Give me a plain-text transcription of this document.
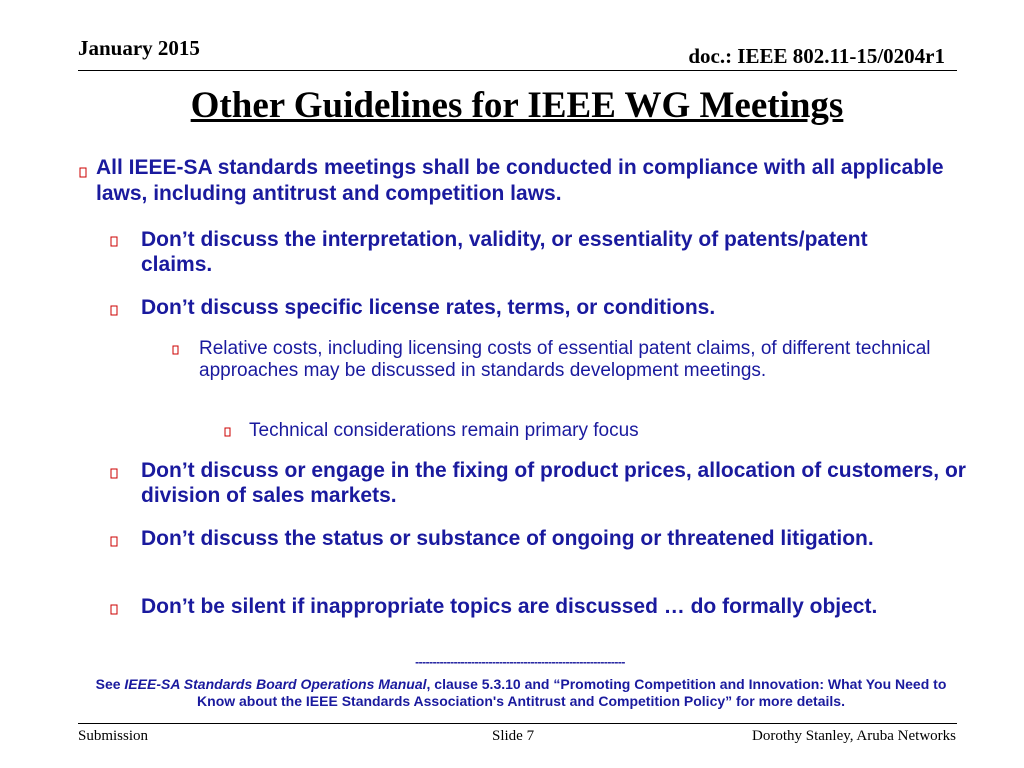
January 2015	doc.: IEEE 802.11-15/0204r1
Other Guidelines for IEEE WG Meetings
All IEEE-SA standards meetings shall be conducted in compliance with all applicable laws, including antitrust and competition laws.
Don’t discuss the interpretation, validity, or essentiality of patents/patent claims.
Don’t discuss specific license rates, terms, or conditions.
Relative costs, including licensing costs of essential patent claims, of different technical approaches may be discussed in standards development meetings.
Technical considerations remain primary focus
Don’t discuss or engage in the fixing of product prices, allocation of customers, or division of sales markets.
Don’t discuss the status or substance of ongoing or threatened litigation.
Don’t be silent if inappropriate topics are discussed … do formally object.
------------------------------------------------------------
See IEEE-SA Standards Board Operations Manual, clause 5.3.10 and “Promoting Competition and Innovation: What You Need to Know about the IEEE Standards Association's Antitrust and Competition Policy” for more details.
Submission	Slide 7	Dorothy Stanley, Aruba Networks
